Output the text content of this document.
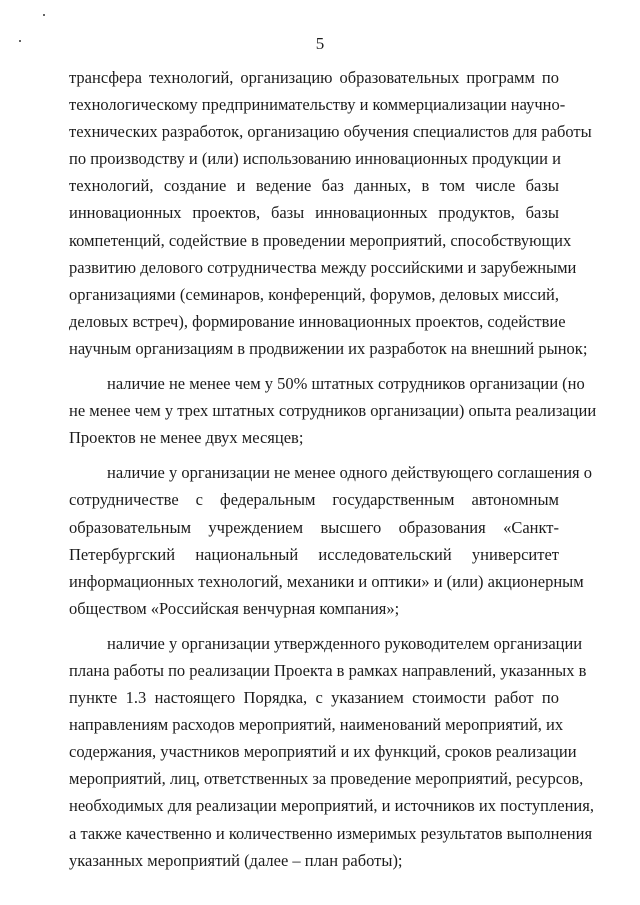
5
трансфера технологий, организацию образовательных программ по
технологическому предпринимательству и коммерциализации научно-
технических разработок, организацию обучения специалистов для работы
по производству и (или) использованию инновационных продукции и
технологий, создание и ведение баз данных, в том числе базы
инновационных проектов, базы инновационных продуктов, базы
компетенций, содействие в проведении мероприятий, способствующих
развитию делового сотрудничества между российскими и зарубежными
организациями (семинаров, конференций, форумов, деловых миссий,
деловых встреч), формирование инновационных проектов, содействие
научным организациям в продвижении их разработок на внешний рынок;
наличие не менее чем у 50% штатных сотрудников организации (но
не менее чем у трех штатных сотрудников организации) опыта реализации
Проектов не менее двух месяцев;
наличие у организации не менее одного действующего соглашения о
сотрудничестве с федеральным государственным автономным
образовательным учреждением высшего образования «Санкт-
Петербургский национальный исследовательский университет
информационных технологий, механики и оптики» и (или) акционерным
обществом «Российская венчурная компания»;
наличие у организации утвержденного руководителем организации
плана работы по реализации Проекта в рамках направлений, указанных в
пункте 1.3 настоящего Порядка, с указанием стоимости работ по
направлениям расходов мероприятий, наименований мероприятий, их
содержания, участников мероприятий и их функций, сроков реализации
мероприятий, лиц, ответственных за проведение мероприятий, ресурсов,
необходимых для реализации мероприятий, и источников их поступления,
а также качественно и количественно измеримых результатов выполнения
указанных мероприятий (далее – план работы);
